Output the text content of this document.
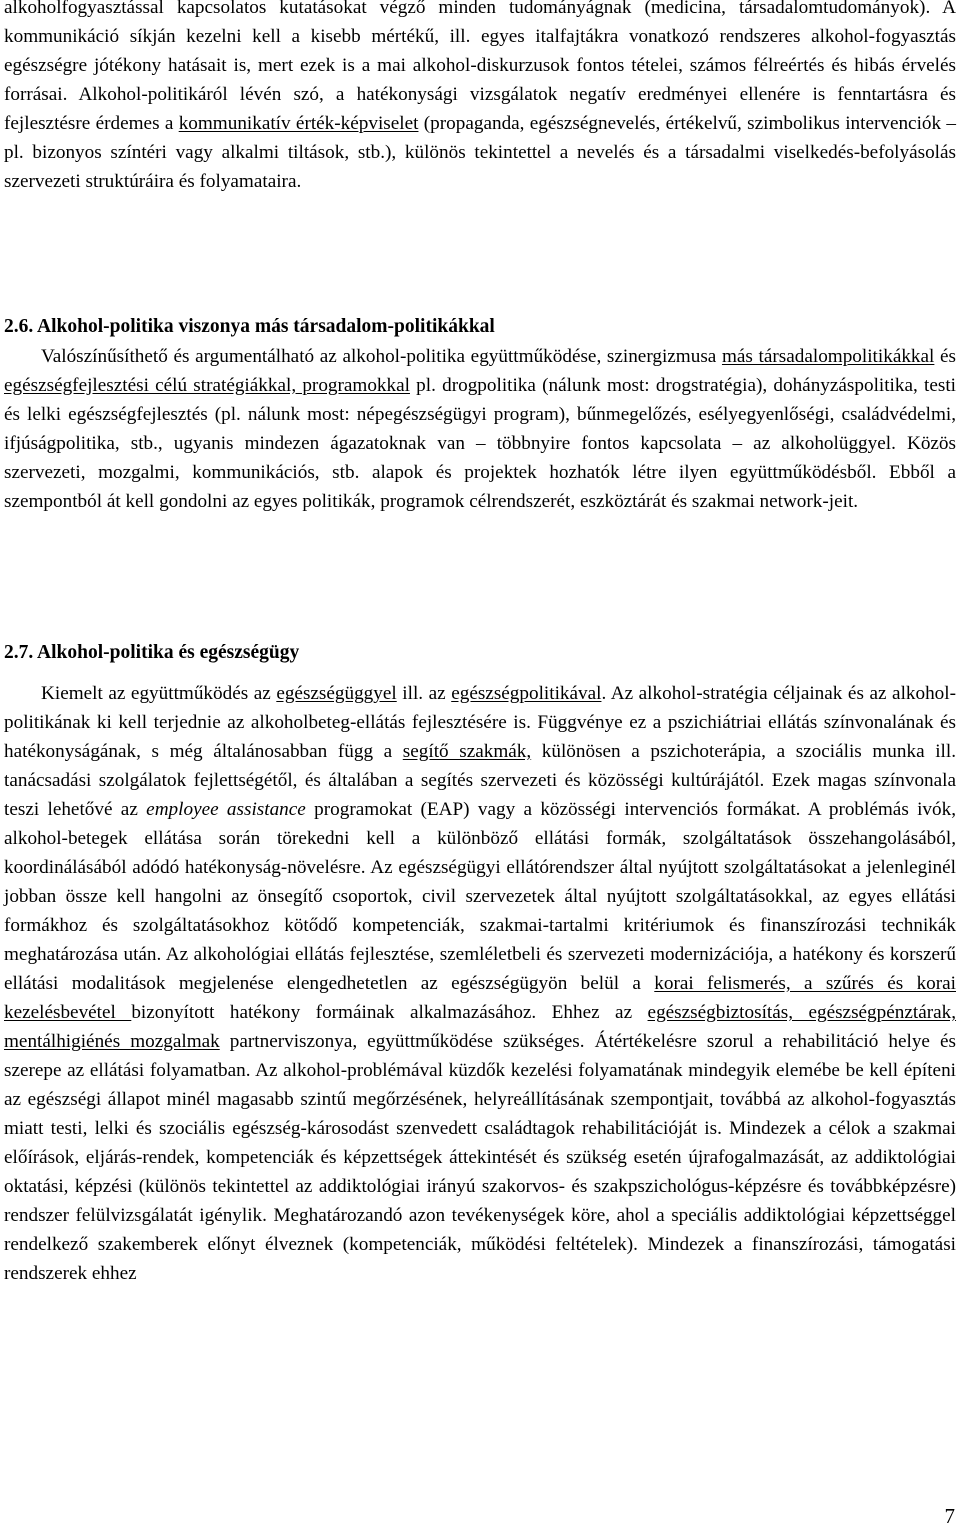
alkoholfogyasztással kapcsolatos kutatásokat végző minden tudományágnak (medicina, társadalomtudományok). A kommunikáció síkján kezelni kell a kisebb mértékű, ill. egyes italfajtákra vonatkozó rendszeres alkohol-fogyasztás egészségre jótékony hatásait is, mert ezek is a mai alkohol-diskurzusok fontos tételei, számos félreértés és hibás érvelés forrásai. Alkohol-politikáról lévén szó, a hatékonysági vizsgálatok negatív eredményei ellenére is fenntartásra és fejlesztésre érdemes a kommunikatív érték-képviselet (propaganda, egészségnevelés, értékelvű, szimbolikus intervenciók – pl. bizonyos színtéri vagy alkalmi tiltások, stb.), különös tekintettel a nevelés és a társadalmi viselkedés-befolyásolás szervezeti struktúráira és folyamataira.

2.6. Alkohol-politika viszonya más társadalom-politikákkal

Valószínűsíthető és argumentálható az alkohol-politika együttműködése, szinergizmusa más társadalompolitikákkal és egészségfejlesztési célú stratégiákkal, programokkal pl. drogpolitika (nálunk most: drogstratégia), dohányzáspolitika, testi és lelki egészségfejlesztés (pl. nálunk most: népegészségügyi program), bűnmegelőzés, esélyegyenlőségi, családvédelmi, ifjúságpolitika, stb., ugyanis mindezen ágazatoknak van – többnyire fontos kapcsolata – az alkoholüggyel. Közös szervezeti, mozgalmi, kommunikációs, stb. alapok és projektek hozhatók létre ilyen együttműködésből. Ebből a szempontból át kell gondolni az egyes politikák, programok célrendszerét, eszköztárát és szakmai network-jeit.

2.7. Alkohol-politika és egészségügy

Kiemelt az együttműködés az egészségüggyel ill. az egészségpolitikával. Az alkohol-stratégia céljainak és az alkohol-politikának ki kell terjednie az alkoholbeteg-ellátás fejlesztésére is. Függvénye ez a pszichiátriai ellátás színvonalának és hatékonyságának, s még általánosabban függ a segítő szakmák, különösen a pszichoterápia, a szociális munka ill. tanácsadási szolgálatok fejlettségétől, és általában a segítés szervezeti és közösségi kultúrájától. Ezek magas színvonala teszi lehetővé az employee assistance programokat (EAP) vagy a közösségi intervenciós formákat. A problémás ivók, alkohol-betegek ellátása során törekedni kell a különböző ellátási formák, szolgáltatások összehangolásából, koordinálásából adódó hatékonyság-növelésre. Az egészségügyi ellátórendszer által nyújtott szolgáltatásokat a jelenleginél jobban össze kell hangolni az önsegítő csoportok, civil szervezetek által nyújtott szolgáltatásokkal, az egyes ellátási formákhoz és szolgáltatásokhoz kötődő kompetenciák, szakmai-tartalmi kritériumok és finanszírozási technikák meghatározása után. Az alkohológiai ellátás fejlesztése, szemléletbeli és szervezeti modernizációja, a hatékony és korszerű ellátási modalitások megjelenése elengedhetetlen az egészségügyön belül a korai felismerés, a szűrés és korai kezelésbevétel bizonyított hatékony formáinak alkalmazásához. Ehhez az egészségbiztosítás, egészségpénztárak, mentálhigiénés mozgalmak partnerviszonya, együttműködése szükséges. Átértékelésre szorul a rehabilitáció helye és szerepe az ellátási folyamatban. Az alkohol-problémával küzdők kezelési folyamatának mindegyik elemébe be kell építeni az egészségi állapot minél magasabb szintű megőrzésének, helyreállításának szempontjait, továbbá az alkohol-fogyasztás miatt testi, lelki és szociális egészség-károsodást szenvedett családtagok rehabilitációját is. Mindezek a célok a szakmai előírások, eljárás-rendek, kompetenciák és képzettségek áttekintését és szükség esetén újrafogalmazását, az addiktológiai oktatási, képzési (különös tekintettel az addiktológiai irányú szakorvos- és szakpszichológus-képzésre és továbbképzésre) rendszer felülvizsgálatát igénylik. Meghatározandó azon tevékenységek köre, ahol a speciális addiktológiai képzettséggel rendelkező szakemberek előnyt élveznek (kompetenciák, működési feltételek). Mindezek a finanszírozási, támogatási rendszerek ehhez

7
